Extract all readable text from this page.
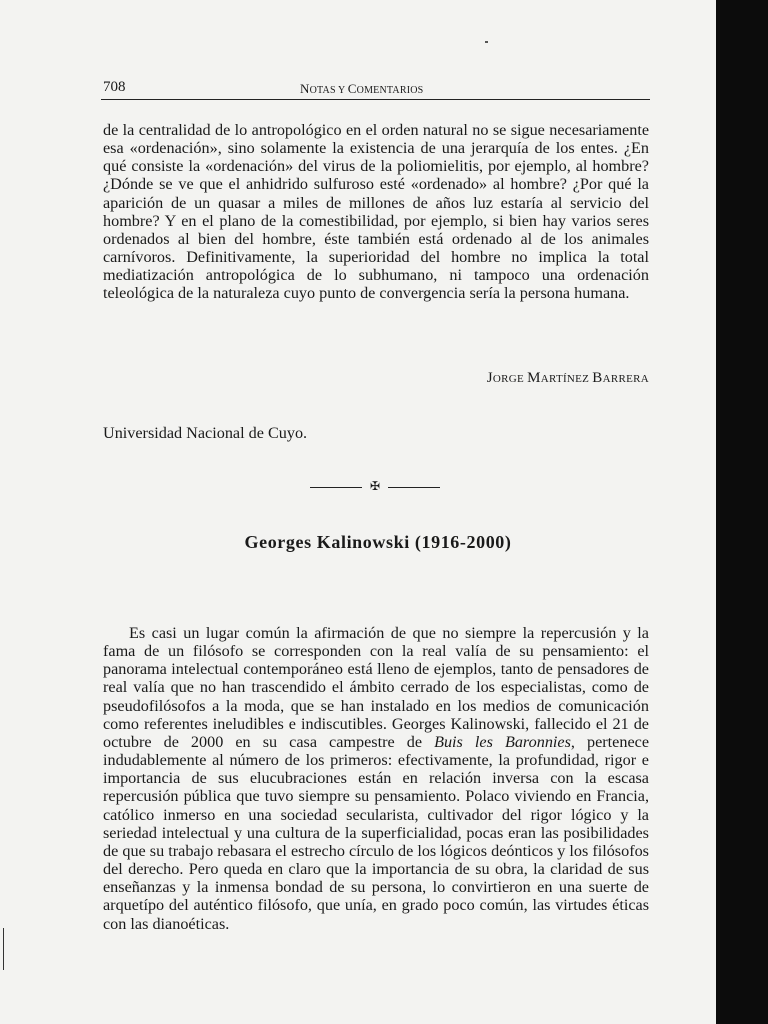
708	NOTAS Y COMENTARIOS

de la centralidad de lo antropológico en el orden natural no se sigue necesariamente esa «ordenación», sino solamente la existencia de una jerarquía de los entes. ¿En qué consiste la «ordenación» del virus de la poliomielitis, por ejemplo, al hombre? ¿Dónde se ve que el anhidrido sulfuroso esté «ordenado» al hombre? ¿Por qué la aparición de un quasar a miles de millones de años luz estaría al servicio del hombre? Y en el plano de la comestibilidad, por ejemplo, si bien hay varios seres ordenados al bien del hombre, éste también está ordenado al de los animales carnívoros. Definitivamente, la superioridad del hombre no implica la total mediatización antropológica de lo subhumano, ni tampoco una ordenación teleológica de la naturaleza cuyo punto de convergencia sería la persona humana.

JORGE MARTÍNEZ BARRERA
Universidad Nacional de Cuyo.
✠
Georges Kalinowski (1916-2000)

Es casi un lugar común la afirmación de que no siempre la repercusión y la fama de un filósofo se corresponden con la real valía de su pensamiento: el panorama intelectual contemporáneo está lleno de ejemplos, tanto de pensadores de real valía que no han trascendido el ámbito cerrado de los especialistas, como de pseudofilósofos a la moda, que se han instalado en los medios de comunicación como referentes ineludibles e indiscutibles. Georges Kalinowski, fallecido el 21 de octubre de 2000 en su casa campestre de Buis les Baronnies, pertenece indudablemente al número de los primeros: efectivamente, la profundidad, rigor e importancia de sus elucubraciones están en relación inversa con la escasa repercusión pública que tuvo siempre su pensamiento. Polaco viviendo en Francia, católico inmerso en una sociedad secularista, cultivador del rigor lógico y la seriedad intelectual y una cultura de la superficialidad, pocas eran las posibilidades de que su trabajo rebasara el estrecho círculo de los lógicos deónticos y los filósofos del derecho. Pero queda en claro que la importancia de su obra, la claridad de sus enseñanzas y la inmensa bondad de su persona, lo convirtieron en una suerte de arquetípo del auténtico filósofo, que unía, en grado poco común, las virtudes éticas con las dianoéticas.
